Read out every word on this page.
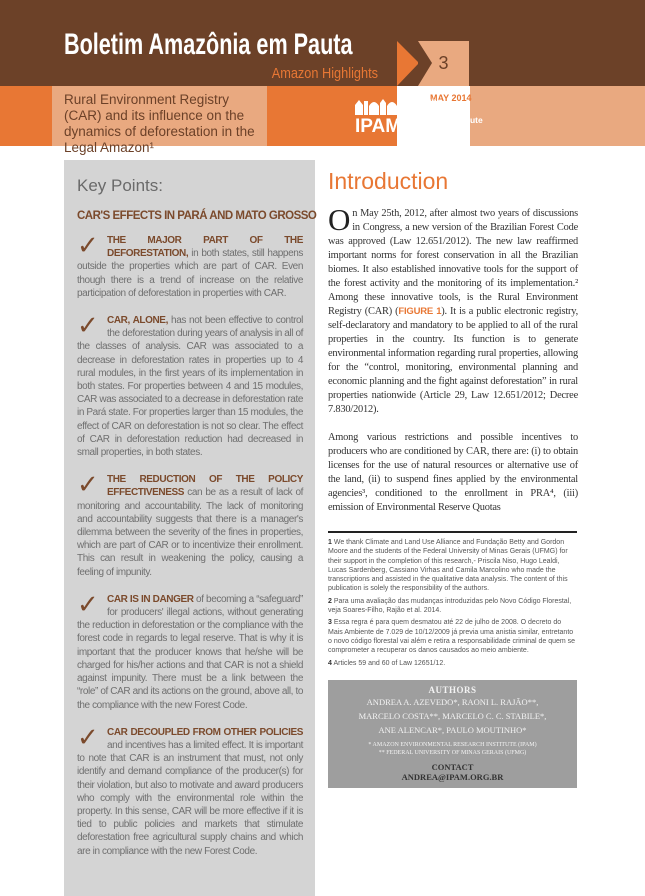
Boletim Amazônia em Pauta
Amazon Highlights
3
Rural Environment Registry (CAR) and its influence on the dynamics of deforestation in the Legal Amazon¹
MAY 2014
IPAM
Amazon Environmental Research Institute
Key Points:
CAR'S EFFECTS IN PARÁ AND MATO GROSSO
✓ THE MAJOR PART OF THE DEFORESTATION, in both states, still happens outside the properties which are part of CAR. Even though there is a trend of increase on the relative participation of deforestation in properties with CAR.
✓ CAR, ALONE, has not been effective to control the deforestation during years of analysis in all of the classes of analysis. CAR was associated to a decrease in deforestation rates in properties up to 4 rural modules, in the first years of its implementation in both states. For properties between 4 and 15 modules, CAR was associated to a decrease in deforestation rate in Pará state. For properties larger than 15 modules, the effect of CAR on deforestation is not so clear. The effect of CAR in deforestation reduction had decreased in small properties, in both states.
✓ THE REDUCTION OF THE POLICY EFFECTIVENESS can be as a result of lack of monitoring and accountability. The lack of monitoring and accountability suggests that there is a manager's dilemma between the severity of the fines in properties, which are part of CAR or to incentivize their enrollment. This can result in weakening the policy, causing a feeling of impunity.
✓ CAR IS IN DANGER of becoming a “safeguard” for producers' illegal actions, without generating the reduction in deforestation or the compliance with the forest code in regards to legal reserve. That is why it is important that the producer knows that he/she will be charged for his/her actions and that CAR is not a shield against impunity. There must be a link between the “role” of CAR and its actions on the ground, above all, to the compliance with the new Forest Code.
✓ CAR DECOUPLED FROM OTHER POLICIES and incentives has a limited effect. It is important to note that CAR is an instrument that must, not only identify and demand compliance of the producer(s) for their violation, but also to motivate and award producers who comply with the environmental role within the property. In this sense, CAR will be more effective if it is tied to public policies and markets that stimulate deforestation free agricultural supply chains and which are in compliance with the new Forest Code.
Introduction

On May 25th, 2012, after almost two years of discussions in Congress, a new version of the Brazilian Forest Code was approved (Law 12.651/2012). The new law reaffirmed important norms for forest conservation in all the Brazilian biomes. It also established innovative tools for the support of the forest activity and the monitoring of its implementation.² Among these innovative tools, is the Rural Environment Registry (CAR) (FIGURE 1). It is a public electronic registry, self-declaratory and mandatory to be applied to all of the rural properties in the country. Its function is to generate environmental information regarding rural properties, allowing for the “control, monitoring, environmental planning and economic planning and the fight against deforestation” in rural properties nationwide (Article 29, Law 12.651/2012; Decree 7.830/2012).

Among various restrictions and possible incentives to producers who are conditioned by CAR, there are: (i) to obtain licenses for the use of natural resources or alternative use of the land, (ii) to suspend fines applied by the environmental agencies³, conditioned to the enrollment in PRA⁴, (iii) emission of Environmental Reserve Quotas

1 We thank Climate and Land Use Alliance and Fundação Betty and Gordon Moore and the students of the Federal University of Minas Gerais (UFMG) for their support in the completion of this research,- Priscila Niso, Hugo Lealdi, Lucas Sardenberg, Cassiano Virhas and Camila Marcolino who made the transcriptions and assisted in the qualitative data analysis. The content of this publication is solely the responsibility of the authors.

2 Para uma avaliação das mudanças introduzidas pelo Novo Código Florestal, veja Soares-Filho, Rajão et al. 2014.

3 Essa regra é para quem desmatou até 22 de julho de 2008. O decreto do Mais Ambiente de 7.029 de 10/12/2009 já previa uma anistia similar, entretanto o novo código florestal vai além e retira a responsabilidade criminal de quem se comprometer a recuperar os danos causados ao meio ambiente.

4 Articles 59 and 60 of Law 12651/12.

AUTHORS
ANDREA A. AZEVEDO*, RAONI L. RAJÃO**,
MARCELO COSTA**, MARCELO C. C. STABILE*,
ANE ALENCAR*, PAULO MOUTINHO*
* AMAZON ENVIRONMENTAL RESEARCH INSTITUTE (IPAM)
** FEDERAL UNIVERSITY OF MINAS GERAIS (UFMG)
CONTACT
ANDREA@IPAM.ORG.BR
